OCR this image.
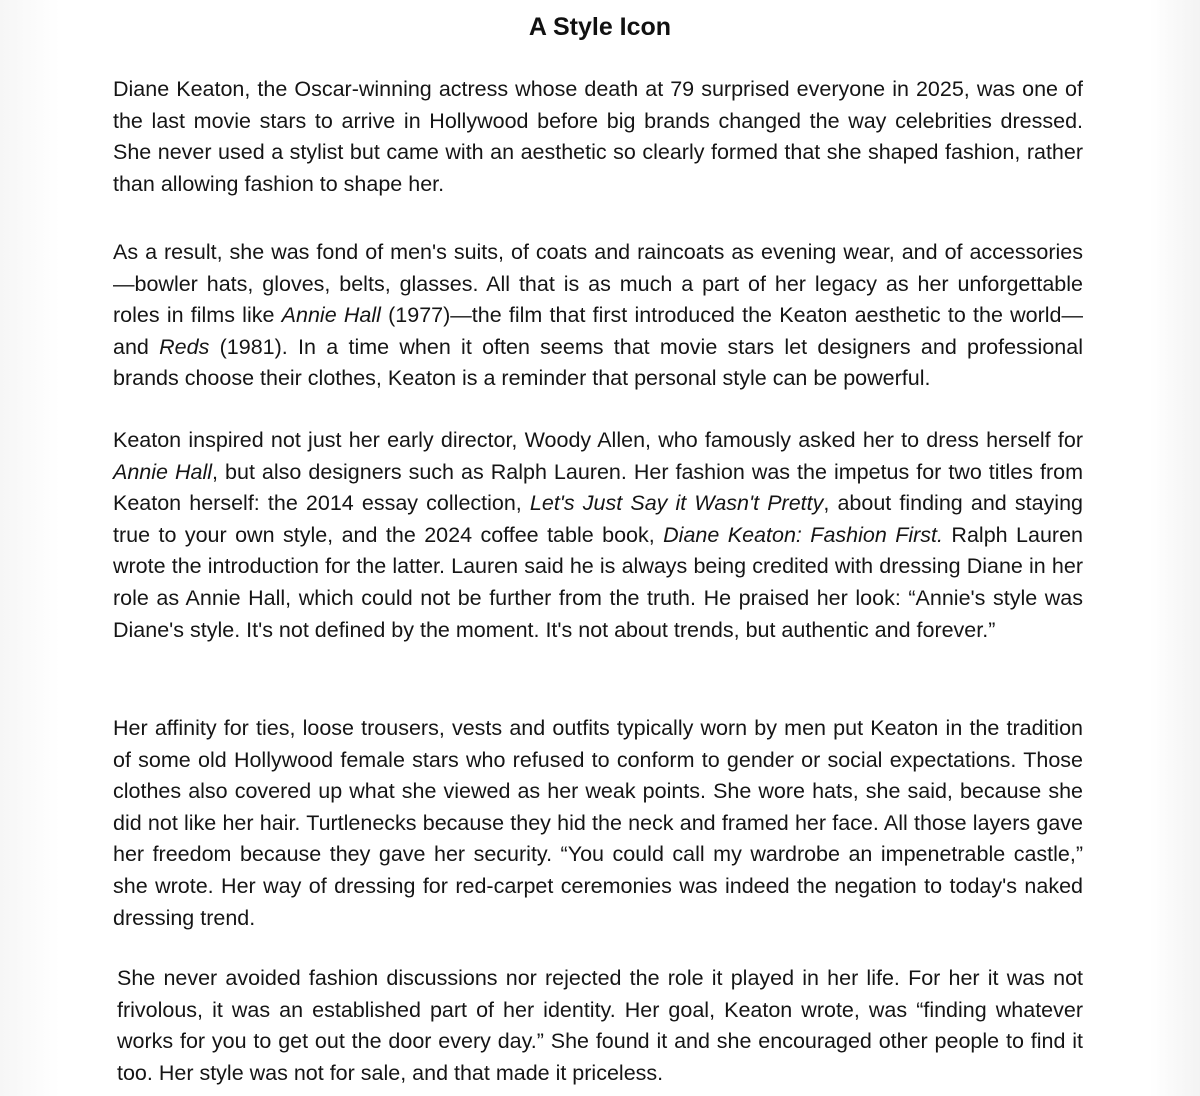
A Style Icon

Diane Keaton, the Oscar-winning actress whose death at 79 surprised everyone in 2025, was one of the last movie stars to arrive in Hollywood before big brands changed the way celebrities dressed. She never used a stylist but came with an aesthetic so clearly formed that she shaped fashion, rather than allowing fashion to shape her.

As a result, she was fond of men's suits, of coats and raincoats as evening wear, and of accessories—bowler hats, gloves, belts, glasses. All that is as much a part of her legacy as her unforgettable roles in films like Annie Hall (1977)—the film that first introduced the Keaton aesthetic to the world—and Reds (1981). In a time when it often seems that movie stars let designers and professional brands choose their clothes, Keaton is a reminder that personal style can be powerful.

Keaton inspired not just her early director, Woody Allen, who famously asked her to dress herself for Annie Hall, but also designers such as Ralph Lauren. Her fashion was the impetus for two titles from Keaton herself: the 2014 essay collection, Let's Just Say it Wasn't Pretty, about finding and staying true to your own style, and the 2024 coffee table book, Diane Keaton: Fashion First. Ralph Lauren wrote the introduction for the latter. Lauren said he is always being credited with dressing Diane in her role as Annie Hall, which could not be further from the truth. He praised her look: “Annie's style was Diane's style. It's not defined by the moment. It's not about trends, but authentic and forever.”

Her affinity for ties, loose trousers, vests and outfits typically worn by men put Keaton in the tradition of some old Hollywood female stars who refused to conform to gender or social expectations. Those clothes also covered up what she viewed as her weak points. She wore hats, she said, because she did not like her hair. Turtlenecks because they hid the neck and framed her face. All those layers gave her freedom because they gave her security. “You could call my wardrobe an impenetrable castle,” she wrote. Her way of dressing for red-carpet ceremonies was indeed the negation to today's naked dressing trend.

She never avoided fashion discussions nor rejected the role it played in her life. For her it was not frivolous, it was an established part of her identity. Her goal, Keaton wrote, was “finding whatever works for you to get out the door every day.” She found it and she encouraged other people to find it too. Her style was not for sale, and that made it priceless.
